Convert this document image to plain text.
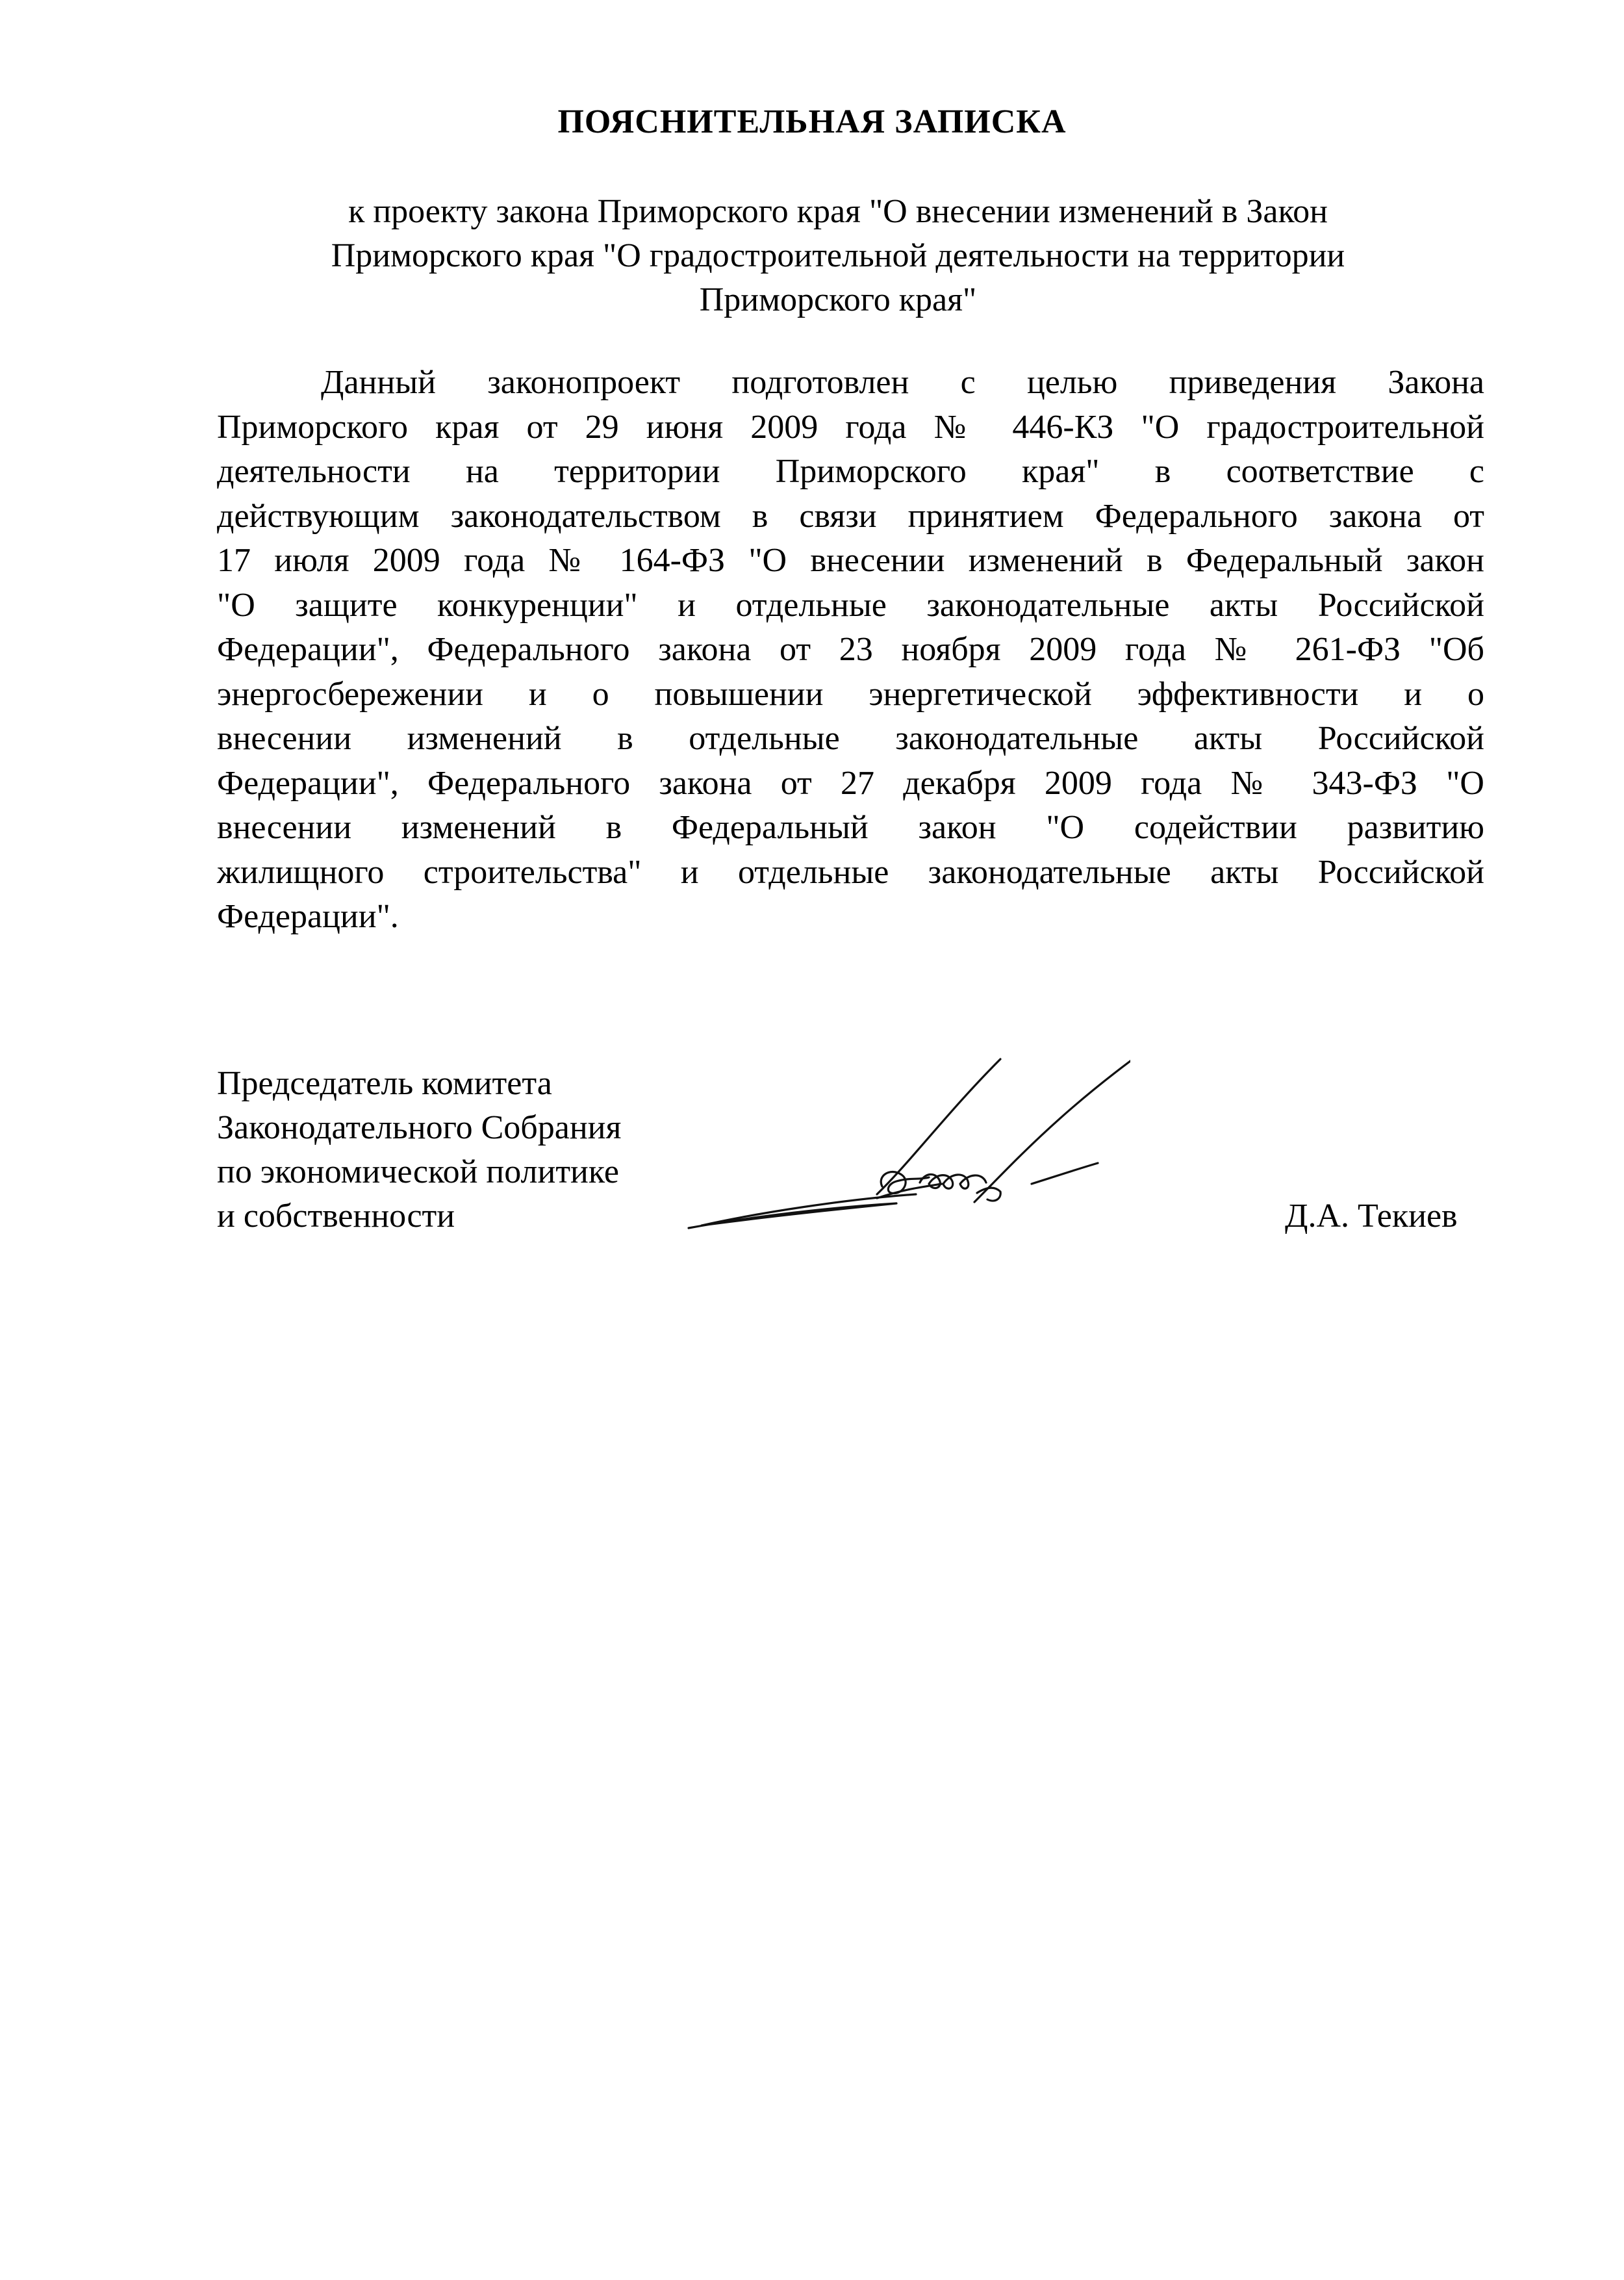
ПОЯСНИТЕЛЬНАЯ ЗАПИСКА
к проекту закона Приморского края "О внесении изменений в Закон
Приморского края "О градостроительной деятельности на территории
Приморского края"
Данный законопроект подготовлен с целью приведения Закона
Приморского края от 29 июня 2009 года № 446-КЗ "О градостроительной
деятельности на территории Приморского края" в соответствие с
действующим законодательством в связи принятием Федерального закона от
17 июля 2009 года № 164-ФЗ "О внесении изменений в Федеральный закон
"О защите конкуренции" и отдельные законодательные акты Российской
Федерации", Федерального закона от 23 ноября 2009 года № 261-ФЗ "Об
энергосбережении и о повышении энергетической эффективности и о
внесении изменений в отдельные законодательные акты Российской
Федерации", Федерального закона от 27 декабря 2009 года № 343-ФЗ "О
внесении изменений в Федеральный закон "О содействии развитию
жилищного строительства" и отдельные законодательные акты Российской
Федерации".
Председатель комитета
Законодательного Собрания
по экономической политике
и собственности	Д.А. Текиев
